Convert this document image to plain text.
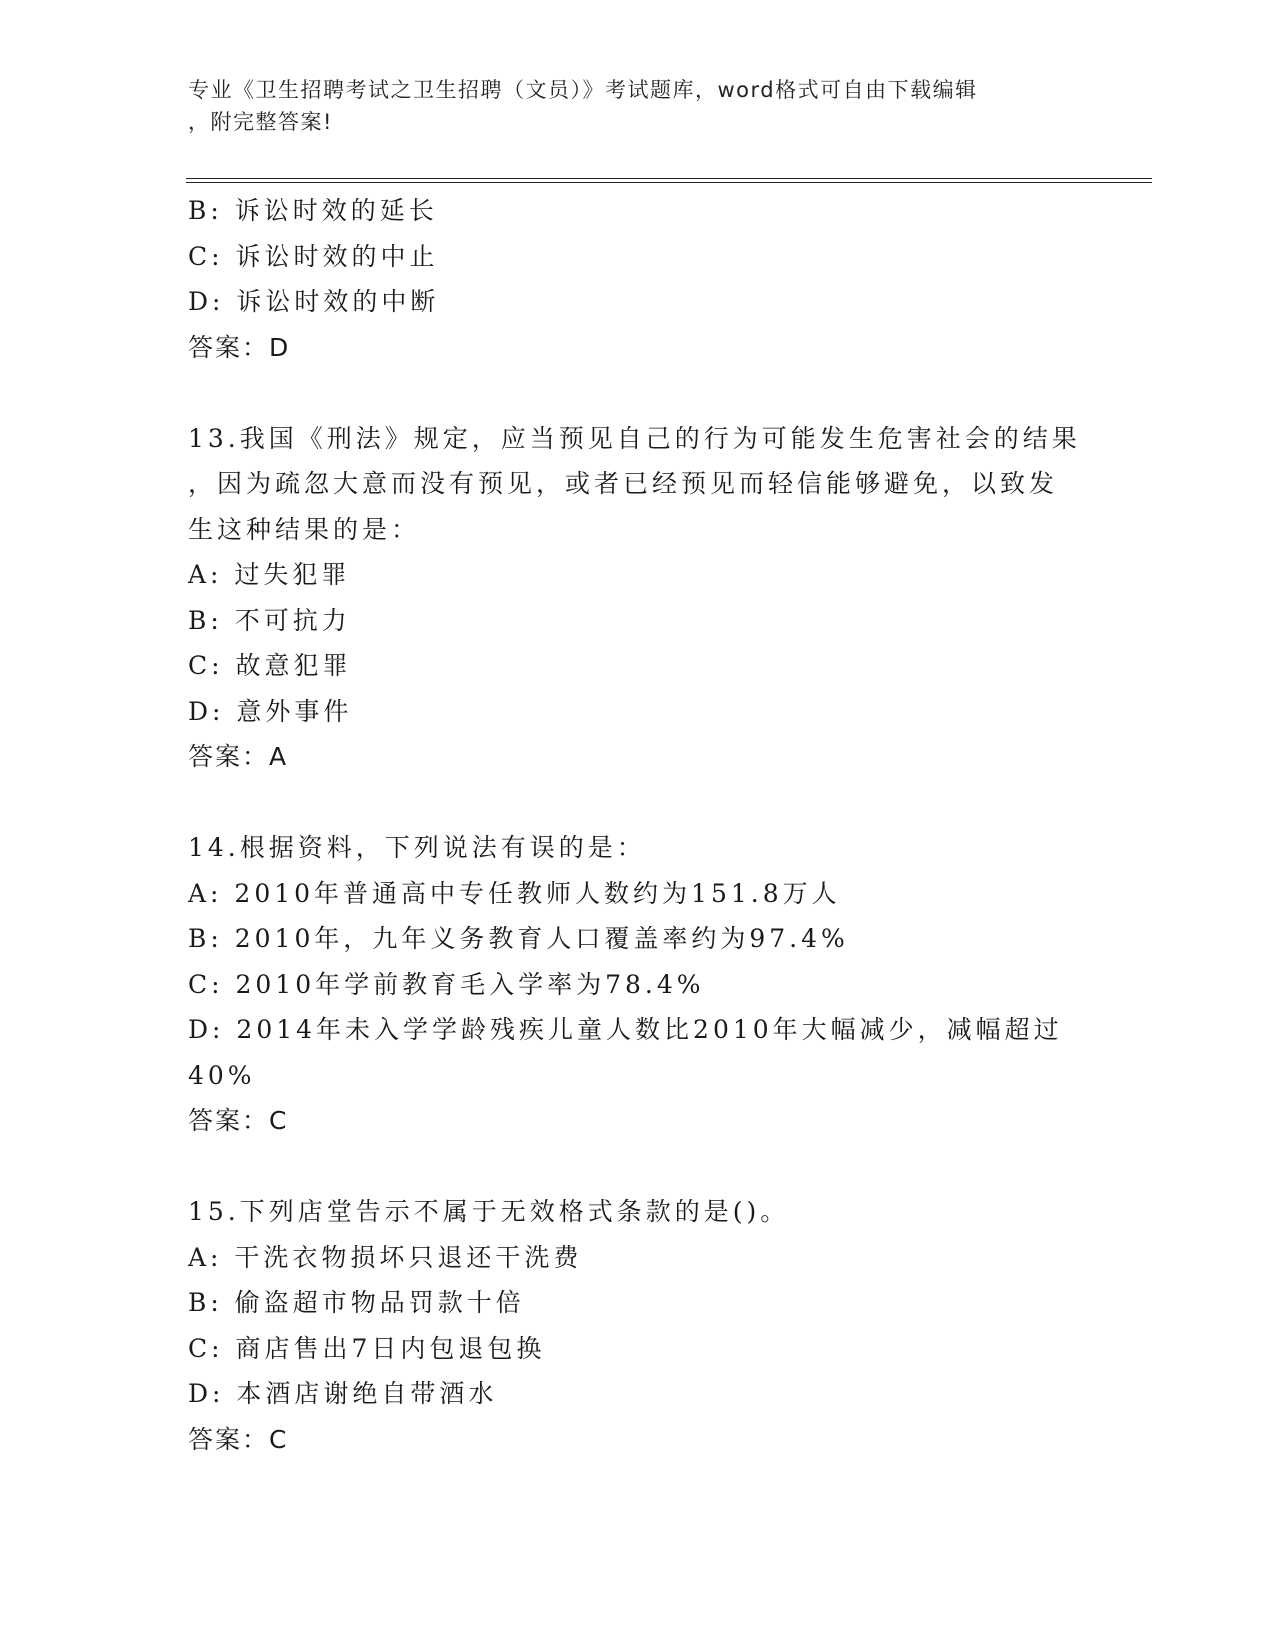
专业《卫生招聘考试之卫生招聘（文员）》考试题库，word格式可自由下载编辑
，附完整答案!
B: 诉讼时效的延长
C: 诉讼时效的中止
D: 诉讼时效的中断
答案：D
13.我国《刑法》规定，应当预见自己的行为可能发生危害社会的结果
，因为疏忽大意而没有预见，或者已经预见而轻信能够避免，以致发
生这种结果的是：
A: 过失犯罪
B: 不可抗力
C: 故意犯罪
D: 意外事件
答案：A
14.根据资料，下列说法有误的是：
A: 2010年普通高中专任教师人数约为151.8万人
B: 2010年，九年义务教育人口覆盖率约为97.4%
C: 2010年学前教育毛入学率为78.4%
D: 2014年未入学学龄残疾儿童人数比2010年大幅减少，减幅超过
40%
答案：C
15.下列店堂告示不属于无效格式条款的是()。
A: 干洗衣物损坏只退还干洗费
B: 偷盗超市物品罚款十倍
C: 商店售出7日内包退包换
D: 本酒店谢绝自带酒水
答案：C
